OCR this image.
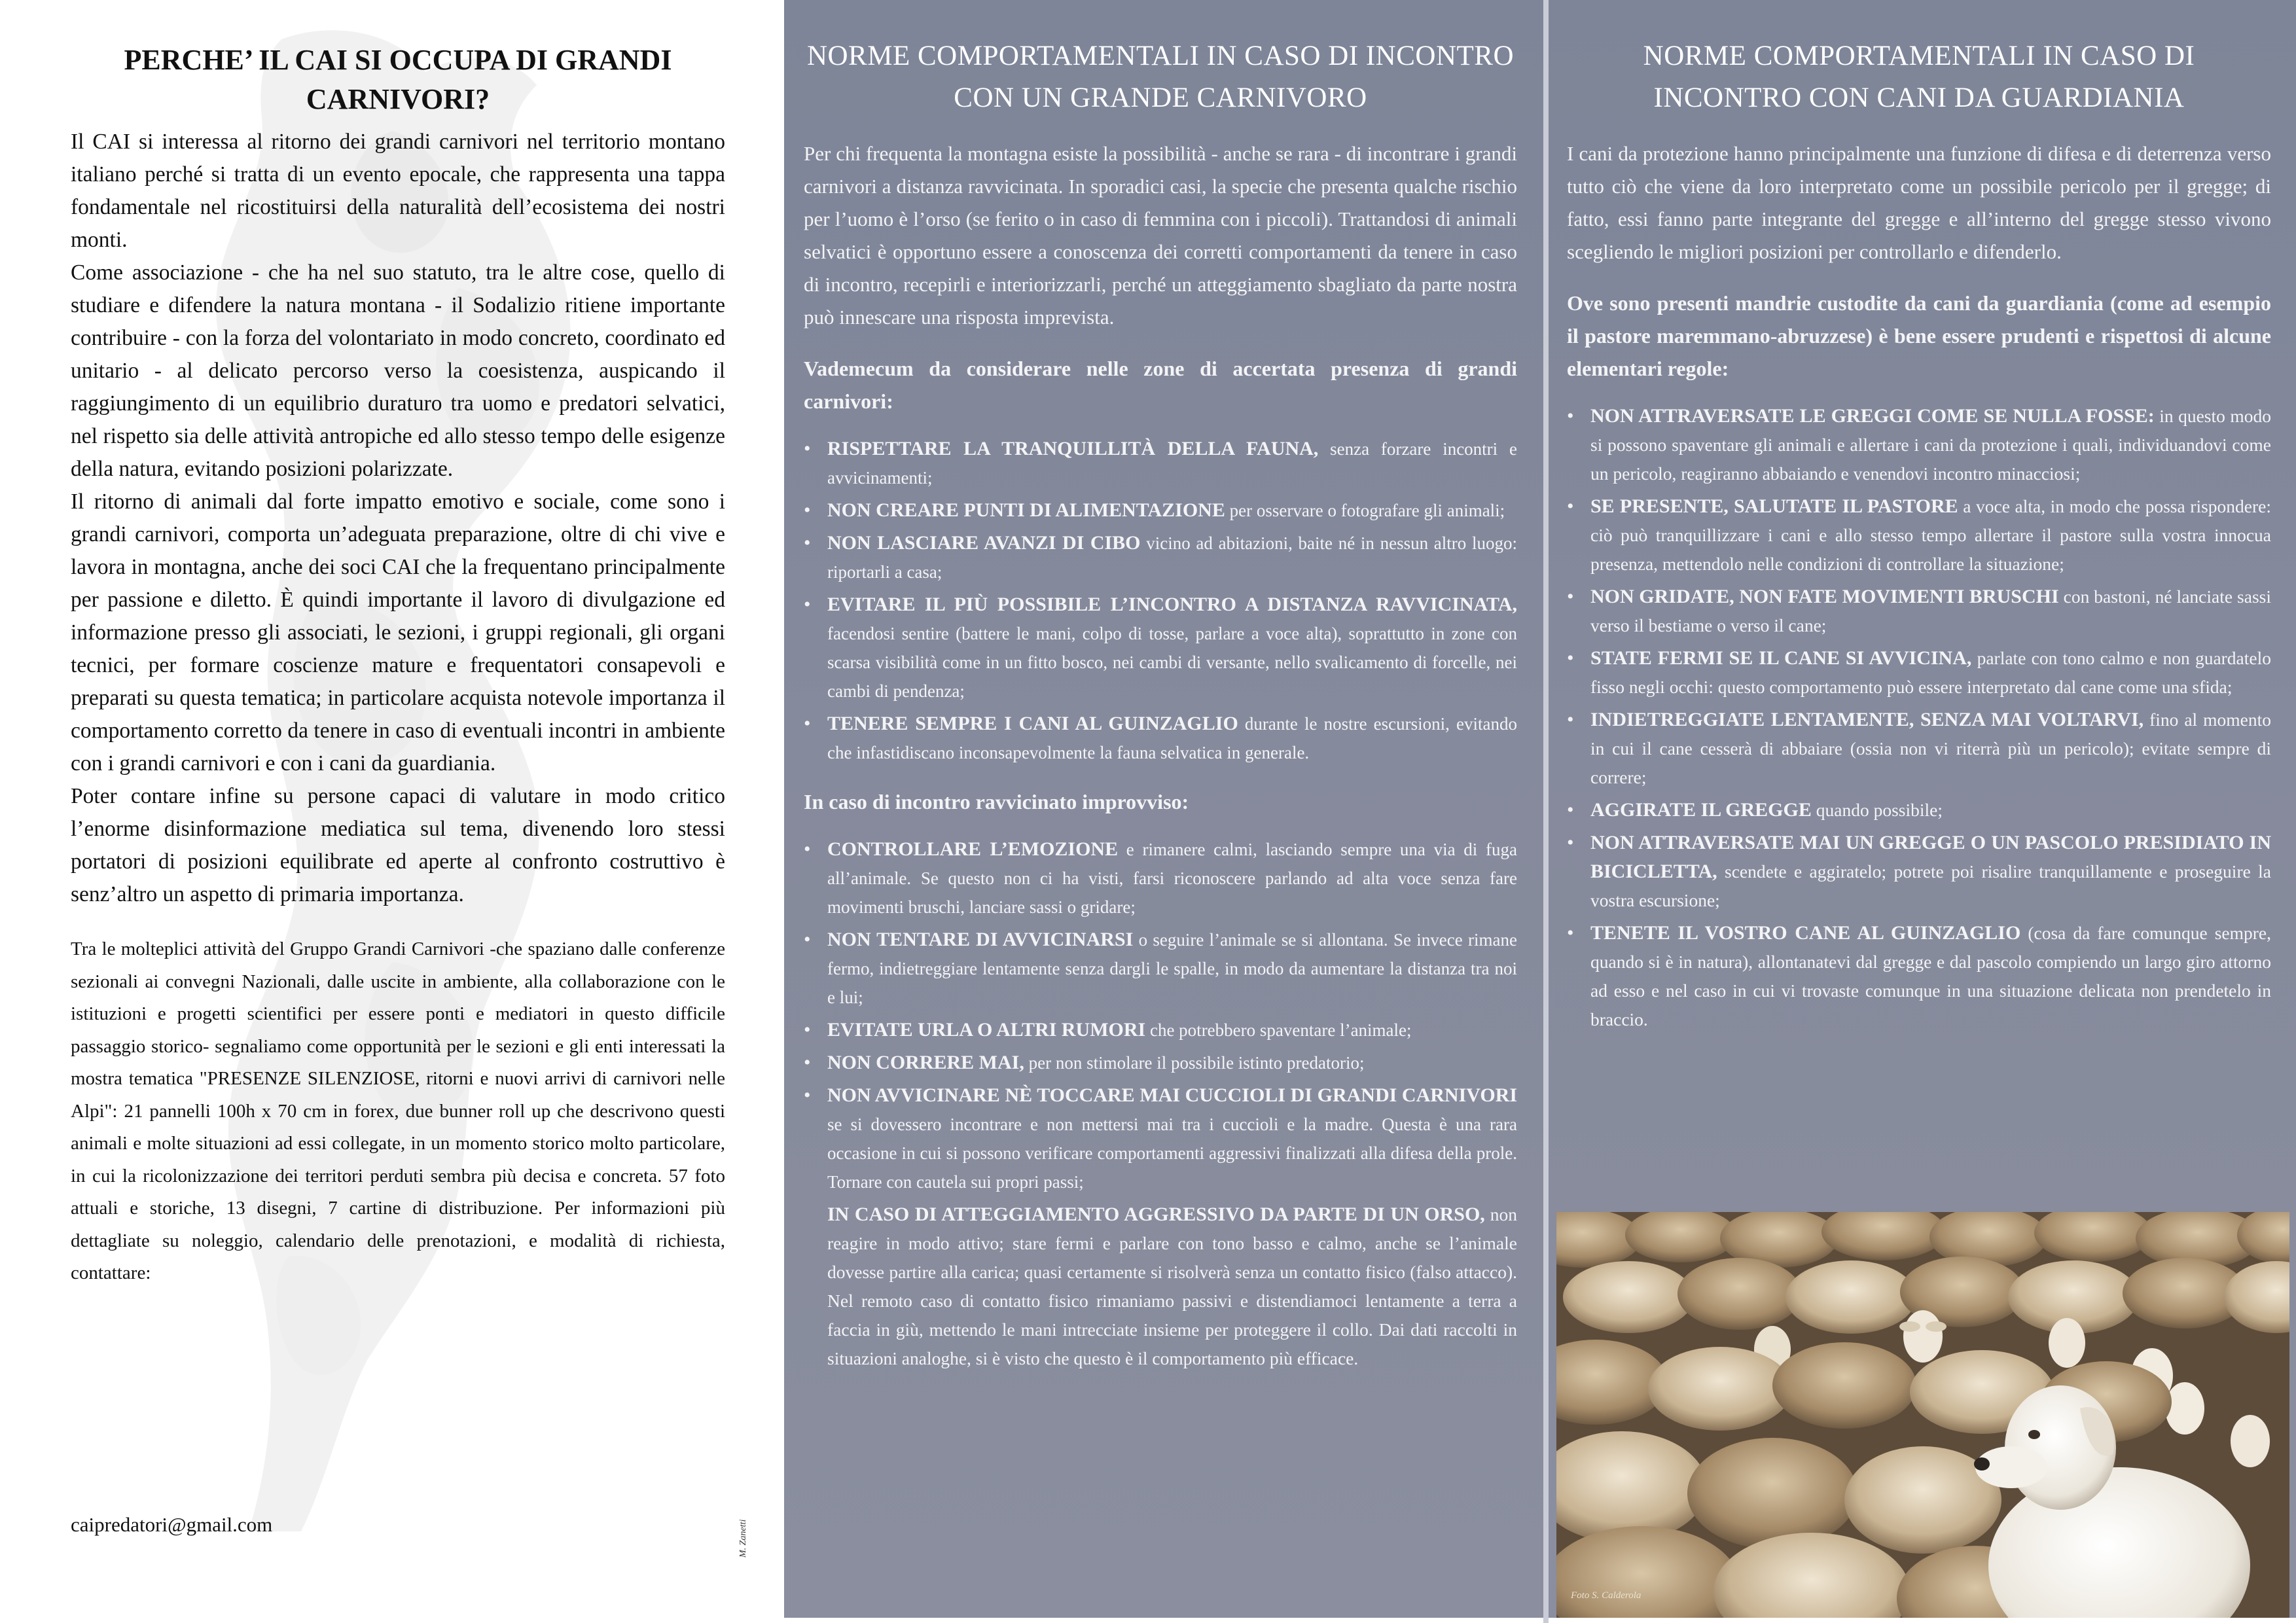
PERCHE’ IL CAI SI OCCUPA DI GRANDI CARNIVORI?

Il CAI si interessa al ritorno dei grandi carnivori nel territorio montano italiano perché si tratta di un evento epocale, che rappresenta una tappa fondamentale nel ricostituirsi della naturalità dell’ecosistema dei nostri monti.

Come associazione - che ha nel suo statuto, tra le altre cose, quello di studiare e difendere la natura montana - il Sodalizio ritiene importante contribuire - con la forza del volontariato in modo concreto, coordinato ed unitario - al delicato percorso verso la coesistenza, auspicando il raggiungimento di un equilibrio duraturo tra uomo e predatori selvatici, nel rispetto sia delle attività antropiche ed allo stesso tempo delle esigenze della natura, evitando posizioni polarizzate.

Il ritorno di animali dal forte impatto emotivo e sociale, come sono i grandi carnivori, comporta un’adeguata preparazione, oltre di chi vive e lavora in montagna, anche dei soci CAI che la frequentano principalmente per passione e diletto. È quindi importante il lavoro di divulgazione ed informazione presso gli associati, le sezioni, i gruppi regionali, gli organi tecnici, per formare coscienze mature e frequentatori consapevoli e preparati su questa tematica; in particolare acquista notevole importanza il comportamento corretto da tenere in caso di eventuali incontri in ambiente con i grandi carnivori e con i cani da guardiania.

Poter contare infine su persone capaci di valutare in modo critico l’enorme disinformazione mediatica sul tema, divenendo loro stessi portatori di posizioni equilibrate ed aperte al confronto costruttivo è senz’altro un aspetto di primaria importanza.

Tra le molteplici attività del Gruppo Grandi Carnivori -che spaziano dalle conferenze sezionali ai convegni Nazionali, dalle uscite in ambiente, alla collaborazione con le istituzioni e progetti scientifici per essere ponti e mediatori in questo difficile passaggio storico- segnaliamo come opportunità per le sezioni e gli enti interessati la mostra tematica "PRESENZE SILENZIOSE, ritorni e nuovi arrivi di carnivori nelle Alpi": 21 pannelli 100h x 70 cm in forex, due bunner roll up che descrivono questi animali e molte situazioni ad essi collegate, in un momento storico molto particolare, in cui la ricolonizzazione dei territori perduti sembra più decisa e concreta. 57 foto attuali e storiche, 13 disegni, 7 cartine di distribuzione. Per informazioni più dettagliate su noleggio, calendario delle prenotazioni, e modalità di richiesta, contattare:

caipredatori@gmail.com	M. Zanetti
NORME COMPORTAMENTALI IN CASO DI INCONTRO CON UN GRANDE CARNIVORO

Per chi frequenta la montagna esiste la possibilità - anche se rara - di incontrare i grandi carnivori a distanza ravvicinata. In sporadici casi, la specie che presenta qualche rischio per l’uomo è l’orso (se ferito o in caso di femmina con i piccoli). Trattandosi di animali selvatici è opportuno essere a conoscenza dei corretti comportamenti da tenere in caso di incontro, recepirli e interiorizzarli, perché un atteggiamento sbagliato da parte nostra può innescare una risposta imprevista.

Vademecum da considerare nelle zone di accertata presenza di grandi carnivori:
• RISPETTARE LA TRANQUILLITÀ DELLA FAUNA, senza forzare incontri e avvicinamenti;
• NON CREARE PUNTI DI ALIMENTAZIONE per osservare o fotografare gli animali;
• NON LASCIARE AVANZI DI CIBO vicino ad abitazioni, baite né in nessun altro luogo: riportarli a casa;
• EVITARE IL PIÙ POSSIBILE L’INCONTRO A DISTANZA RAVVICINATA, facendosi sentire (battere le mani, colpo di tosse, parlare a voce alta), soprattutto in zone con scarsa visibilità come in un fitto bosco, nei cambi di versante, nello svalicamento di forcelle, nei cambi di pendenza;
• TENERE SEMPRE I CANI AL GUINZAGLIO durante le nostre escursioni, evitando che infastidiscano inconsapevolmente la fauna selvatica in generale.
In caso di incontro ravvicinato improvviso:
• CONTROLLARE L’EMOZIONE e rimanere calmi, lasciando sempre una via di fuga all’animale. Se questo non ci ha visti, farsi riconoscere parlando ad alta voce senza fare movimenti bruschi, lanciare sassi o gridare;
• NON TENTARE DI AVVICINARSI o seguire l’animale se si allontana. Se invece rimane fermo, indietreggiare lentamente senza dargli le spalle, in modo da aumentare la distanza tra noi e lui;
• EVITATE URLA O ALTRI RUMORI che potrebbero spaventare l’animale;
• NON CORRERE MAI, per non stimolare il possibile istinto predatorio;
• NON AVVICINARE NÈ TOCCARE MAI CUCCIOLI DI GRANDI CARNIVORI se si dovessero incontrare e non mettersi mai tra i cuccioli e la madre. Questa è una rara occasione in cui si possono verificare comportamenti aggressivi finalizzati alla difesa della prole. Tornare con cautela sui propri passi;
IN CASO DI ATTEGGIAMENTO AGGRESSIVO DA PARTE DI UN ORSO, non reagire in modo attivo; stare fermi e parlare con tono basso e calmo, anche se l’animale dovesse partire alla carica; quasi certamente si risolverà senza un contatto fisico (falso attacco). Nel remoto caso di contatto fisico rimaniamo passivi e distendiamoci lentamente a terra a faccia in giù, mettendo le mani intrecciate insieme per proteggere il collo. Dai dati raccolti in situazioni analoghe, si è visto che questo è il comportamento più efficace.
NORME COMPORTAMENTALI IN CASO DI INCONTRO CON CANI DA GUARDIANIA

I cani da protezione hanno principalmente una funzione di difesa e di deterrenza verso tutto ciò che viene da loro interpretato come un possibile pericolo per il gregge; di fatto, essi fanno parte integrante del gregge e all’interno del gregge stesso vivono scegliendo le migliori posizioni per controllarlo e difenderlo.

Ove sono presenti mandrie custodite da cani da guardiania (come ad esempio il pastore maremmano-abruzzese) è bene essere prudenti e rispettosi di alcune elementari regole:
• NON ATTRAVERSATE LE GREGGI COME SE NULLA FOSSE: in questo modo si possono spaventare gli animali e allertare i cani da protezione i quali, individuandovi come un pericolo, reagiranno abbaiando e venendovi incontro minacciosi;
• SE PRESENTE, SALUTATE IL PASTORE a voce alta, in modo che possa rispondere: ciò può tranquillizzare i cani e allo stesso tempo allertare il pastore sulla vostra innocua presenza, mettendolo nelle condizioni di controllare la situazione;
• NON GRIDATE, NON FATE MOVIMENTI BRUSCHI con bastoni, né lanciate sassi verso il bestiame o verso il cane;
• STATE FERMI SE IL CANE SI AVVICINA, parlate con tono calmo e non guardatelo fisso negli occhi: questo comportamento può essere interpretato dal cane come una sfida;
• INDIETREGGIATE LENTAMENTE, SENZA MAI VOLTARVI, fino al momento in cui il cane cesserà di abbaiare (ossia non vi riterrà più un pericolo); evitate sempre di correre;
• AGGIRATE IL GREGGE quando possibile;
• NON ATTRAVERSATE MAI UN GREGGE O UN PASCOLO PRESIDIATO IN BICICLETTA, scendete e aggiratelo; potrete poi risalire tranquillamente e proseguire la vostra escursione;
• TENETE IL VOSTRO CANE AL GUINZAGLIO (cosa da fare comunque sempre, quando si è in natura), allontanatevi dal gregge e dal pascolo compiendo un largo giro attorno ad esso e nel caso in cui vi trovaste comunque in una situazione delicata non prendetelo in braccio.
Foto S. Calderola
